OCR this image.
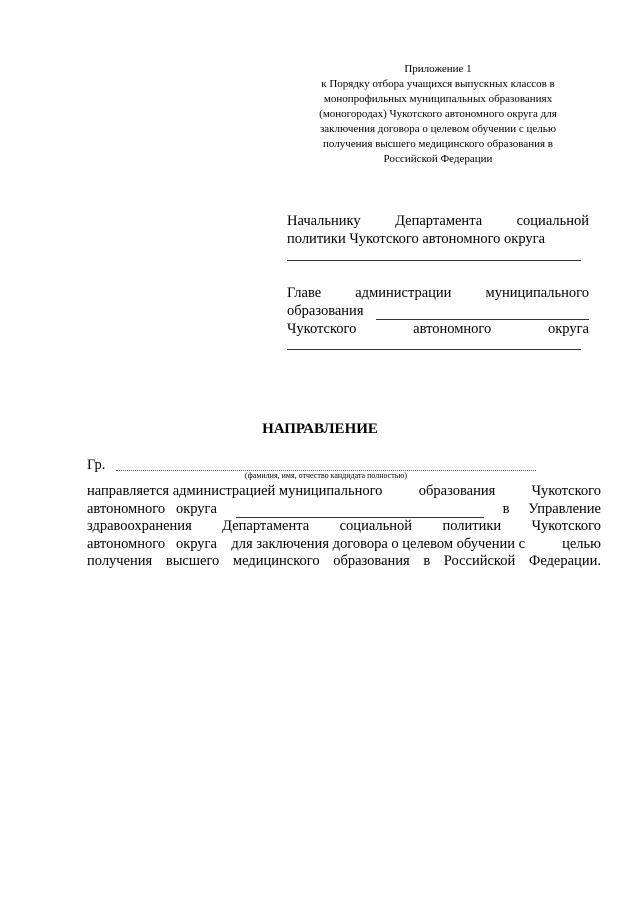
Приложение 1
к Порядку отбора учащихся выпускных классов в
монопрофильных муниципальных образованиях
(моногородах) Чукотского автономного округа для
заключения договора о целевом обучении с целью
получения высшего медицинского образования в
Российской Федерации
Начальнику Департамента социальной
политики Чукотского автономного округа
Главе администрации муниципального
образования
Чукотского	автономного	округа
НАПРАВЛЕНИЕ
Гр.
(фамилия, имя, отчество кандидата полностью)
направляется администрацией муниципального	образования	Чукотского
автономного   округа	в Управление
здравоохранения Департамента социальной политики Чукотского
автономного   округа    для заключения договора о целевом обучении с	целью
получения высшего медицинского образования в Российской Федерации.
